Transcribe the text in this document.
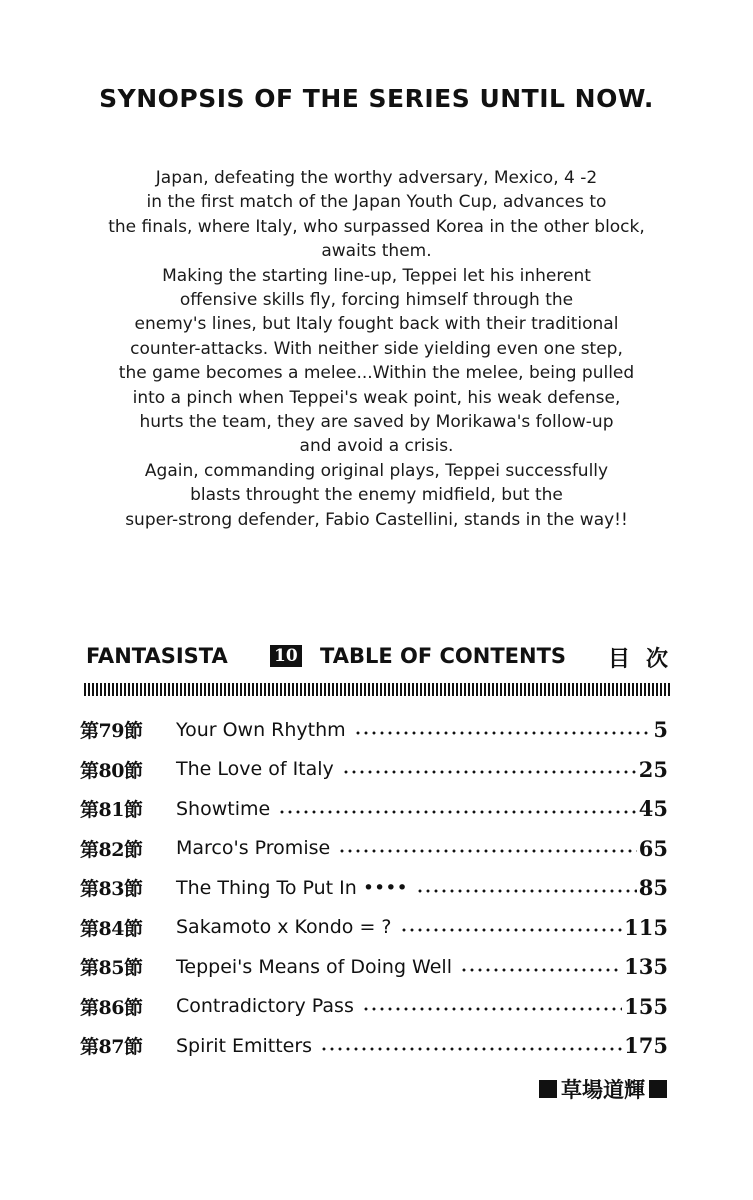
SYNOPSIS OF THE SERIES UNTIL NOW.
Japan, defeating the worthy adversary, Mexico, 4 -2
in the first match of the Japan Youth Cup, advances to
the finals, where Italy, who surpassed Korea in the other block,
awaits them.
Making the starting line-up, Teppei let his inherent
offensive skills fly, forcing himself through the
enemy's lines, but Italy fought back with their traditional
counter-attacks. With neither side yielding even one step,
the game becomes a melee...Within the melee, being pulled
into a pinch when Teppei's weak point, his weak defense,
hurts the team, they are saved by Morikawa's follow-up
and avoid a crisis.
Again, commanding original plays, Teppei successfully
blasts throught the enemy midfield, but the
super-strong defender, Fabio Castellini, stands in the way!!
FANTASISTA	10 TABLE OF CONTENTS 目次
第79節	Your Own Rhythm	5
第80節	The Love of Italy	25
第81節	Showtime	45
第82節	Marco's Promise	65
第83節	The Thing To Put In ••••	85
第84節	Sakamoto x Kondo = ?	115
第85節	Teppei's Means of Doing Well	135
第86節	Contradictory Pass	155
第87節	Spirit Emitters	175
草場道輝
